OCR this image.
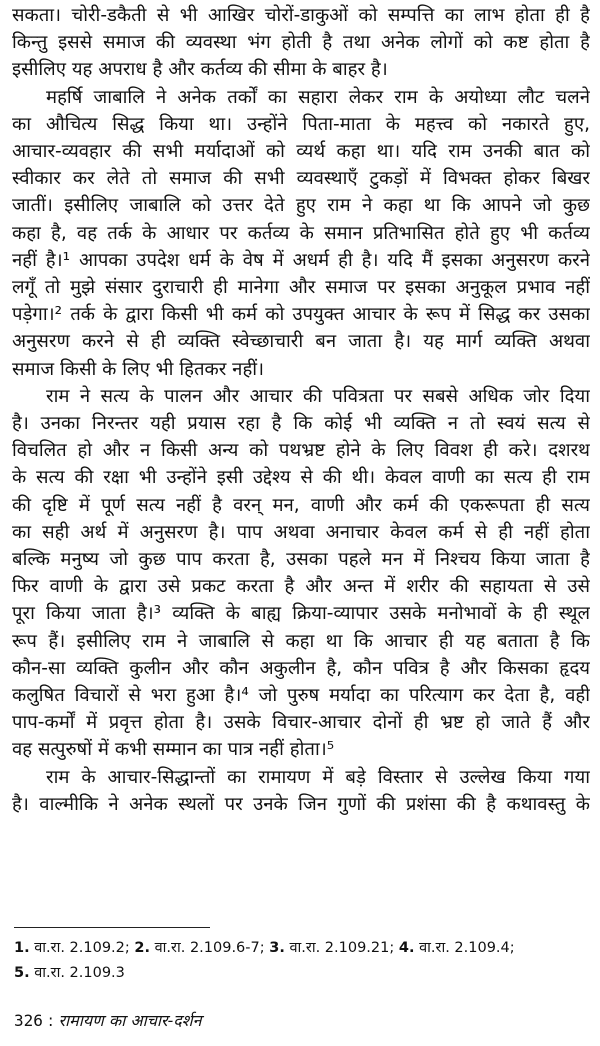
सकता। चोरी-डकैती से भी आखिर चोरों-डाकुओं को सम्पत्ति का लाभ होता ही है
किन्तु इससे समाज की व्यवस्था भंग होती है तथा अनेक लोगों को कष्ट होता है
इसीलिए यह अपराध है और कर्तव्य की सीमा के बाहर है।
महर्षि जाबालि ने अनेक तर्कों का सहारा लेकर राम के अयोध्या लौट चलने
का औचित्य सिद्ध किया था। उन्होंने पिता-माता के महत्त्व को नकारते हुए,
आचार-व्यवहार की सभी मर्यादाओं को व्यर्थ कहा था। यदि राम उनकी बात को
स्वीकार कर लेते तो समाज की सभी व्यवस्थाएँ टुकड़ों में विभक्त होकर बिखर
जातीं। इसीलिए जाबालि को उत्तर देते हुए राम ने कहा था कि आपने जो कुछ
कहा है, वह तर्क के आधार पर कर्तव्य के समान प्रतिभासित होते हुए भी कर्तव्य
नहीं है।¹ आपका उपदेश धर्म के वेष में अधर्म ही है। यदि मैं इसका अनुसरण करने
लगूँ तो मुझे संसार दुराचारी ही मानेगा और समाज पर इसका अनुकूल प्रभाव नहीं
पड़ेगा।² तर्क के द्वारा किसी भी कर्म को उपयुक्त आचार के रूप में सिद्ध कर उसका
अनुसरण करने से ही व्यक्ति स्वेच्छाचारी बन जाता है। यह मार्ग व्यक्ति अथवा
समाज किसी के लिए भी हितकर नहीं।
राम ने सत्य के पालन और आचार की पवित्रता पर सबसे अधिक जोर दिया
है। उनका निरन्तर यही प्रयास रहा है कि कोई भी व्यक्ति न तो स्वयं सत्य से
विचलित हो और न किसी अन्य को पथभ्रष्ट होने के लिए विवश ही करे। दशरथ
के सत्य की रक्षा भी उन्होंने इसी उद्देश्य से की थी। केवल वाणी का सत्य ही राम
की दृष्टि में पूर्ण सत्य नहीं है वरन् मन, वाणी और कर्म की एकरूपता ही सत्य
का सही अर्थ में अनुसरण है। पाप अथवा अनाचार केवल कर्म से ही नहीं होता
बल्कि मनुष्य जो कुछ पाप करता है, उसका पहले मन में निश्चय किया जाता है
फिर वाणी के द्वारा उसे प्रकट करता है और अन्त में शरीर की सहायता से उसे
पूरा किया जाता है।³ व्यक्ति के बाह्य क्रिया-व्यापार उसके मनोभावों के ही स्थूल
रूप हैं। इसीलिए राम ने जाबालि से कहा था कि आचार ही यह बताता है कि
कौन-सा व्यक्ति कुलीन और कौन अकुलीन है, कौन पवित्र है और किसका हृदय
कलुषित विचारों से भरा हुआ है।⁴ जो पुरुष मर्यादा का परित्याग कर देता है, वही
पाप-कर्मों में प्रवृत्त होता है। उसके विचार-आचार दोनों ही भ्रष्ट हो जाते हैं और
वह सत्पुरुषों में कभी सम्मान का पात्र नहीं होता।⁵
राम के आचार-सिद्धान्तों का रामायण में बड़े विस्तार से उल्लेख किया गया
है। वाल्मीकि ने अनेक स्थलों पर उनके जिन गुणों की प्रशंसा की है कथावस्तु के
1. वा.रा. 2.109.2; 2. वा.रा. 2.109.6-7; 3. वा.रा. 2.109.21; 4. वा.रा. 2.109.4;
5. वा.रा. 2.109.3
326 : रामायण का आचार-दर्शन
